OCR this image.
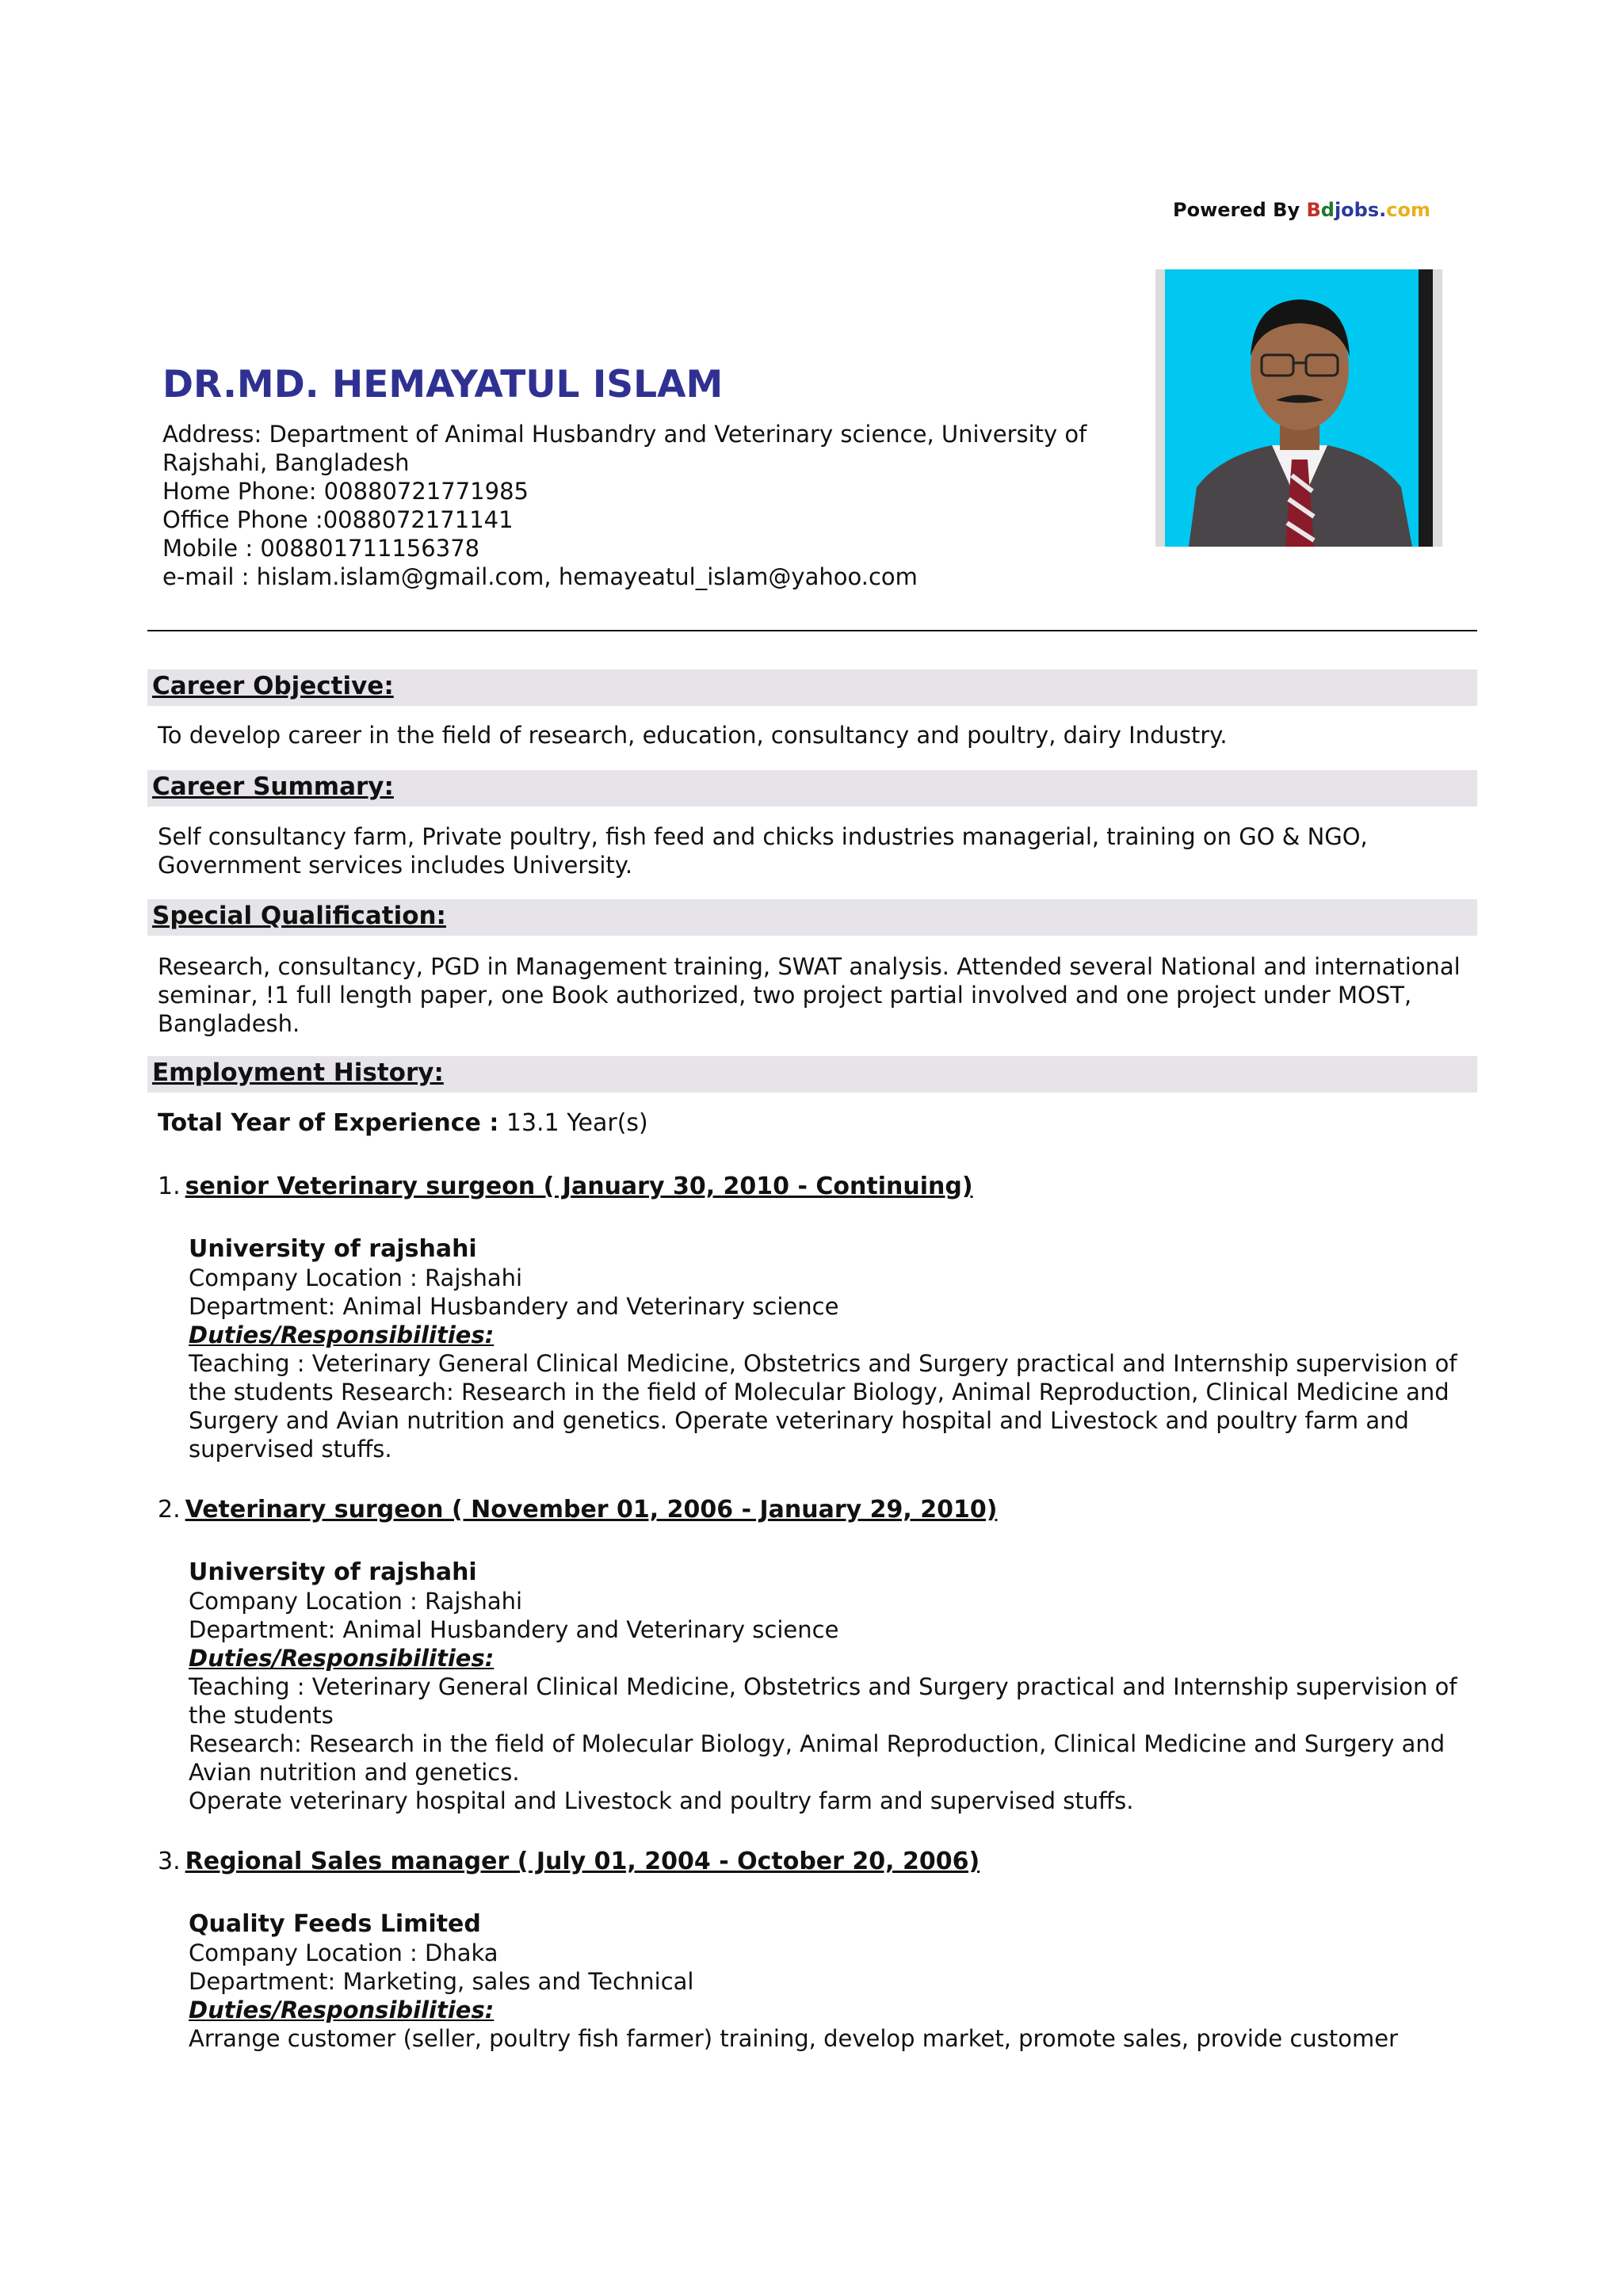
Powered By Bdjobs.com
DR.MD. HEMAYATUL ISLAM
Address: Department of Animal Husbandry and Veterinary science, University of Rajshahi, Bangladesh
Home Phone: 00880721771985
Office Phone :0088072171141
Mobile : 008801711156378
e-mail : hislam.islam@gmail.com, hemayeatul_islam@yahoo.com
Career Objective:
To develop career in the field of research, education, consultancy and poultry, dairy Industry.
Career Summary:
Self consultancy farm, Private poultry, fish feed and chicks industries managerial, training on GO & NGO, Government services includes University.
Special Qualification:
Research, consultancy, PGD in Management training, SWAT analysis. Attended several National and international seminar, !1 full length paper, one Book authorized, two project partial involved and one project under MOST, Bangladesh.
Employment History:
Total Year of Experience : 13.1 Year(s)
1. senior Veterinary surgeon ( January 30, 2010 - Continuing)
University of rajshahi
Company Location : Rajshahi
Department: Animal Husbandery and Veterinary science
Duties/Responsibilities:
Teaching : Veterinary General Clinical Medicine, Obstetrics and Surgery practical and Internship supervision of the students Research: Research in the field of Molecular Biology, Animal Reproduction, Clinical Medicine and Surgery and Avian nutrition and genetics. Operate veterinary hospital and Livestock and poultry farm and supervised stuffs.
2. Veterinary surgeon ( November 01, 2006 - January 29, 2010)
University of rajshahi
Company Location : Rajshahi
Department: Animal Husbandery and Veterinary science
Duties/Responsibilities:
Teaching : Veterinary General Clinical Medicine, Obstetrics and Surgery practical and Internship supervision of the students
Research: Research in the field of Molecular Biology, Animal Reproduction, Clinical Medicine and Surgery and Avian nutrition and genetics.
Operate veterinary hospital and Livestock and poultry farm and supervised stuffs.
3. Regional Sales manager ( July 01, 2004 - October 20, 2006)
Quality Feeds Limited
Company Location : Dhaka
Department: Marketing, sales and Technical
Duties/Responsibilities:
Arrange customer (seller, poultry fish farmer) training, develop market, promote sales, provide customer
